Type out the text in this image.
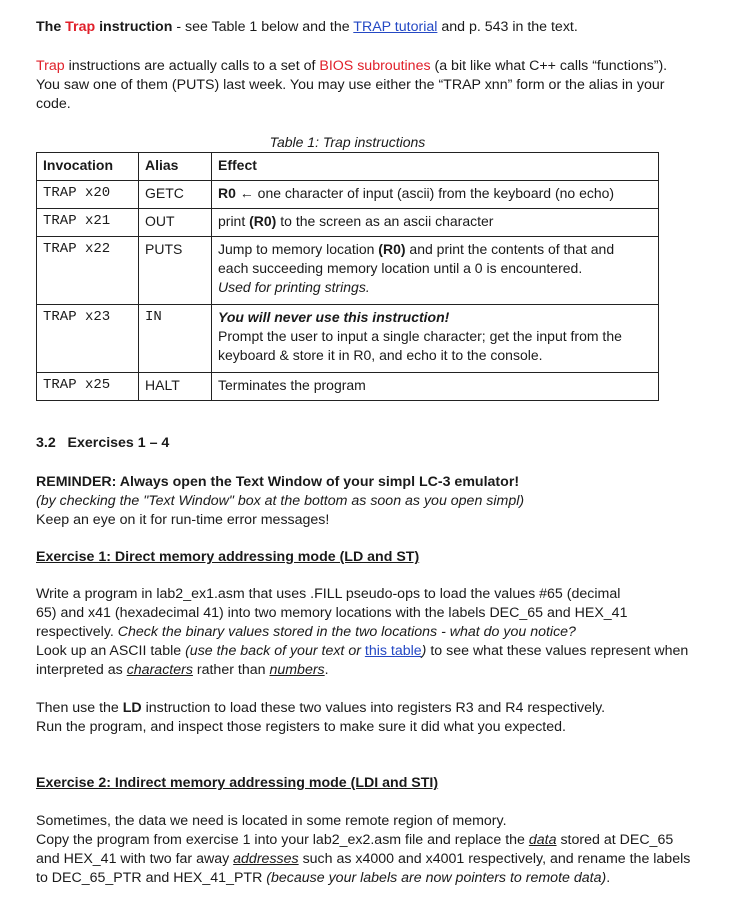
The Trap instruction - see Table 1 below and the TRAP tutorial and p. 543 in the text.
Trap instructions are actually calls to a set of BIOS subroutines (a bit like what C++ calls “functions”).
You saw one of them (PUTS) last week. You may use either the “TRAP xnn” form or the alias in your
code.
Table 1: Trap instructions
Invocation	Alias	Effect
TRAP x20	GETC	R0 ← one character of input (ascii) from the keyboard (no echo)
TRAP x21	OUT	print (R0) to the screen as an ascii character
TRAP x22	PUTS	Jump to memory location (R0) and print the contents of that and
each succeeding memory location until a 0 is encountered.
Used for printing strings.

TRAP x23	IN	You will never use this instruction!
Prompt the user to input a single character; get the input from the
keyboard & store it in R0, and echo it to the console.

TRAP x25	HALT	Terminates the program
3.2   Exercises 1 – 4
REMINDER: Always open the Text Window of your simpl LC-3 emulator!
(by checking the "Text Window" box at the bottom as soon as you open simpl)
Keep an eye on it for run-time error messages!
Exercise 1: Direct memory addressing mode (LD and ST)
Write a program in lab2_ex1.asm that uses .FILL pseudo-ops to load the values #65 (decimal
65) and x41 (hexadecimal 41) into two memory locations with the labels DEC_65 and HEX_41
respectively. Check the binary values stored in the two locations - what do you notice?
Look up an ASCII table (use the back of your text or this table) to see what these values represent when
interpreted as characters rather than numbers.
Then use the LD instruction to load these two values into registers R3 and R4 respectively.
Run the program, and inspect those registers to make sure it did what you expected.
Exercise 2: Indirect memory addressing mode (LDI and STI)
Sometimes, the data we need is located in some remote region of memory.
Copy the program from exercise 1 into your lab2_ex2.asm file and replace the data stored at DEC_65
and HEX_41 with two far away addresses such as x4000 and x4001 respectively, and rename the labels
to DEC_65_PTR and HEX_41_PTR (because your labels are now pointers to remote data).
